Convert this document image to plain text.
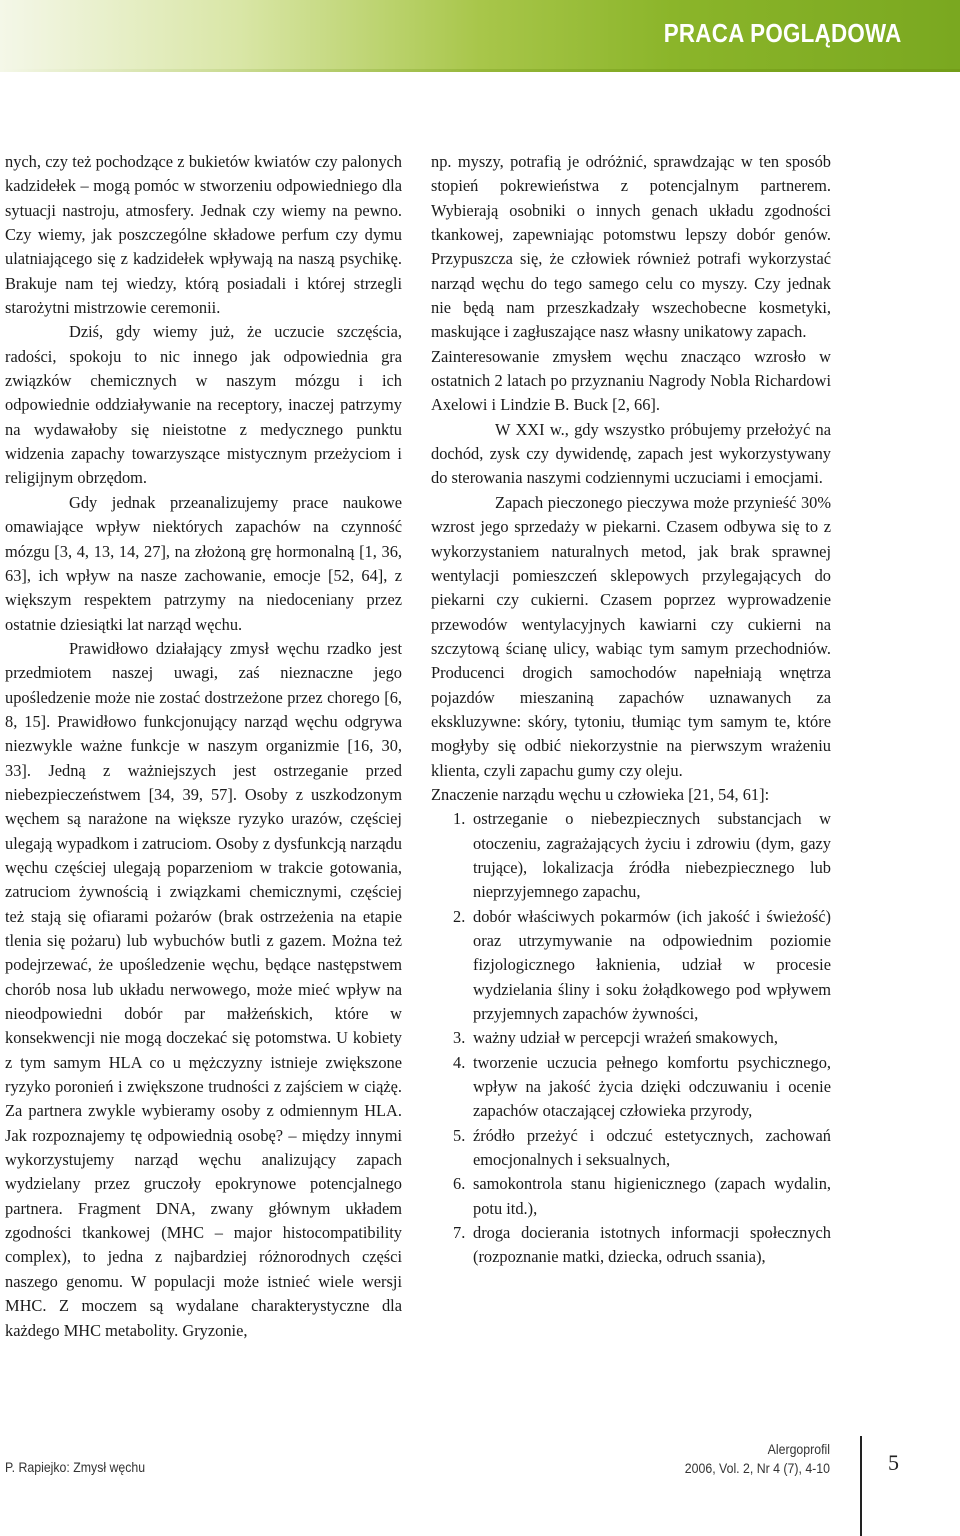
PRACA POGLĄDOWA

nych, czy też pochodzące z bukietów kwiatów czy palonych kadzidełek – mogą pomóc w stworzeniu odpowiedniego dla sytuacji nastroju, atmosfery. Jednak czy wiemy na pewno. Czy wiemy, jak poszczególne składowe perfum czy dymu ulatniającego się z kadzidełek wpływają na naszą psychikę. Brakuje nam tej wiedzy, którą posiadali i której strzegli starożytni mistrzowie ceremonii.

Dziś, gdy wiemy już, że uczucie szczęścia, radości, spokoju to nic innego jak odpowiednia gra związków chemicznych w naszym mózgu i ich odpowiednie oddziaływanie na receptory, inaczej patrzymy na wydawałoby się nieistotne z medycznego punktu widzenia zapachy towarzyszące mistycznym przeżyciom i religijnym obrzędom.

Gdy jednak przeanalizujemy prace naukowe omawiające wpływ niektórych zapachów na czynność mózgu [3, 4, 13, 14, 27], na złożoną grę hormonalną [1, 36, 63], ich wpływ na nasze zachowanie, emocje [52, 64], z większym respektem patrzymy na niedoceniany przez ostatnie dziesiątki lat narząd węchu.

Prawidłowo działający zmysł węchu rzadko jest przedmiotem naszej uwagi, zaś nieznaczne jego upośledzenie może nie zostać dostrzeżone przez chorego [6, 8, 15]. Prawidłowo funkcjonujący narząd węchu odgrywa niezwykle ważne funkcje w naszym organizmie [16, 30, 33]. Jedną z ważniejszych jest ostrzeganie przed niebezpieczeństwem [34, 39, 57]. Osoby z uszkodzonym węchem są narażone na większe ryzyko urazów, częściej ulegają wypadkom i zatruciom. Osoby z dysfunkcją narządu węchu częściej ulegają poparzeniom w trakcie gotowania, zatruciom żywnością i związkami chemicznymi, częściej też stają się ofiarami pożarów (brak ostrzeżenia na etapie tlenia się pożaru) lub wybuchów butli z gazem. Można też podejrzewać, że upośledzenie węchu, będące następstwem chorób nosa lub układu nerwowego, może mieć wpływ na nieodpowiedni dobór par małżeńskich, które w konsekwencji nie mogą doczekać się potomstwa. U kobiety z tym samym HLA co u mężczyzny istnieje zwiększone ryzyko poronień i zwiększone trudności z zajściem w ciążę. Za partnera zwykle wybieramy osoby z odmiennym HLA. Jak rozpoznajemy tę odpowiednią osobę? – między innymi wykorzystujemy narząd węchu analizujący zapach wydzielany przez gruczoły epokrynowe potencjalnego partnera. Fragment DNA, zwany głównym układem zgodności tkankowej (MHC – major histocompatibility complex), to jedna z najbardziej różnorodnych części naszego genomu. W populacji może istnieć wiele wersji MHC. Z moczem są wydalane charakterystyczne dla każdego MHC metabolity. Gryzonie,

np. myszy, potrafią je odróżnić, sprawdzając w ten sposób stopień pokrewieństwa z potencjalnym partnerem. Wybierają osobniki o innych genach układu zgodności tkankowej, zapewniając potomstwu lepszy dobór genów. Przypuszcza się, że człowiek również potrafi wykorzystać narząd węchu do tego samego celu co myszy. Czy jednak nie będą nam przeszkadzały wszechobecne kosmetyki, maskujące i zagłuszające nasz własny unikatowy zapach.

Zainteresowanie zmysłem węchu znacząco wzrosło w ostatnich 2 latach po przyznaniu Nagrody Nobla Richardowi Axelowi i Lindzie B. Buck [2, 66].

W XXI w., gdy wszystko próbujemy przełożyć na dochód, zysk czy dywidendę, zapach jest wykorzystywany do sterowania naszymi codziennymi uczuciami i emocjami.

Zapach pieczonego pieczywa może przynieść 30% wzrost jego sprzedaży w piekarni. Czasem odbywa się to z wykorzystaniem naturalnych metod, jak brak sprawnej wentylacji pomieszczeń sklepowych przylegających do piekarni czy cukierni. Czasem poprzez wyprowadzenie przewodów wentylacyjnych kawiarni czy cukierni na szczytową ścianę ulicy, wabiąc tym samym przechodniów. Producenci drogich samochodów napełniają wnętrza pojazdów mieszaniną zapachów uznawanych za ekskluzywne: skóry, tytoniu, tłumiąc tym samym te, które mogłyby się odbić niekorzystnie na pierwszym wrażeniu klienta, czyli zapachu gumy czy oleju.

Znaczenie narządu węchu u człowieka [21, 54, 61]:

1. ostrzeganie o niebezpiecznych substancjach w otoczeniu, zagrażających życiu i zdrowiu (dym, gazy trujące), lokalizacja źródła niebezpiecznego lub nieprzyjemnego zapachu,
2. dobór właściwych pokarmów (ich jakość i świeżość) oraz utrzymywanie na odpowiednim poziomie fizjologicznego łaknienia, udział w procesie wydzielania śliny i soku żołądkowego pod wpływem przyjemnych zapachów żywności,
3. ważny udział w percepcji wrażeń smakowych,
4. tworzenie uczucia pełnego komfortu psychicznego, wpływ na jakość życia dzięki odczuwaniu i ocenie zapachów otaczającej człowieka przyrody,
5. źródło przeżyć i odczuć estetycznych, zachowań emocjonalnych i seksualnych,
6. samokontrola stanu higienicznego (zapach wydalin, potu itd.),
7. droga docierania istotnych informacji społecznych (rozpoznanie matki, dziecka, odruch ssania),
P. Rapiejko: Zmysł węchu
Alergoprofil
2006, Vol. 2, Nr 4 (7), 4-10	5
